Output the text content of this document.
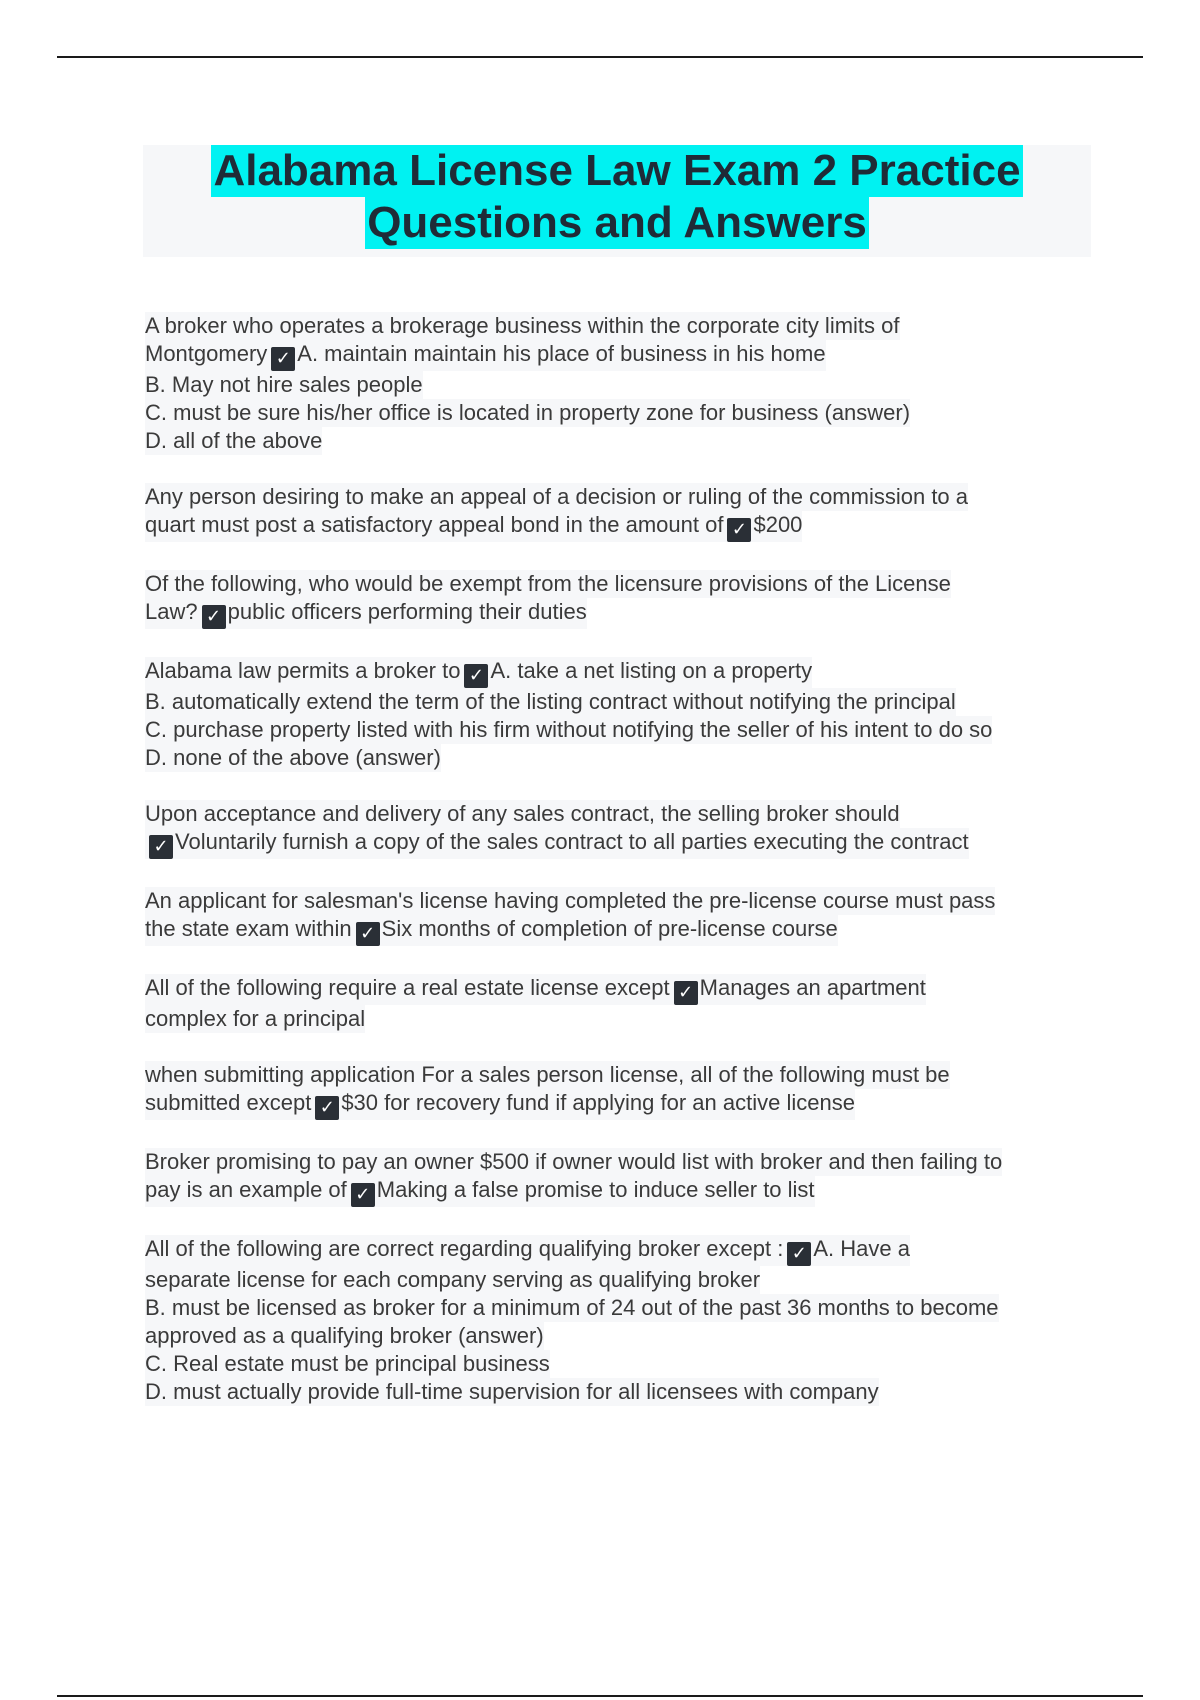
Alabama License Law Exam 2 Practice
Questions and Answers
A broker who operates a brokerage business within the corporate city limits of
Montgomery ✓ A. maintain maintain his place of business in his home
B. May not hire sales people
C. must be sure his/her office is located in property zone for business (answer)
D. all of the above
Any person desiring to make an appeal of a decision or ruling of the commission to a
quart must post a satisfactory appeal bond in the amount of ✓ $200
Of the following, who would be exempt from the licensure provisions of the License
Law? ✓ public officers performing their duties
Alabama law permits a broker to ✓ A. take a net listing on a property
B. automatically extend the term of the listing contract without notifying the principal
C. purchase property listed with his firm without notifying the seller of his intent to do so
D. none of the above (answer)
Upon acceptance and delivery of any sales contract, the selling broker should
✓ Voluntarily furnish a copy of the sales contract to all parties executing the contract
An applicant for salesman's license having completed the pre-license course must pass
the state exam within ✓ Six months of completion of pre-license course
All of the following require a real estate license except ✓ Manages an apartment
complex for a principal
when submitting application For a sales person license, all of the following must be
submitted except ✓ $30 for recovery fund if applying for an active license
Broker promising to pay an owner $500 if owner would list with broker and then failing to
pay is an example of ✓ Making a false promise to induce seller to list
All of the following are correct regarding qualifying broker except : ✓ A. Have a
separate license for each company serving as qualifying broker
B. must be licensed as broker for a minimum of 24 out of the past 36 months to become
approved as a qualifying broker (answer)
C. Real estate must be principal business
D. must actually provide full-time supervision for all licensees with company
